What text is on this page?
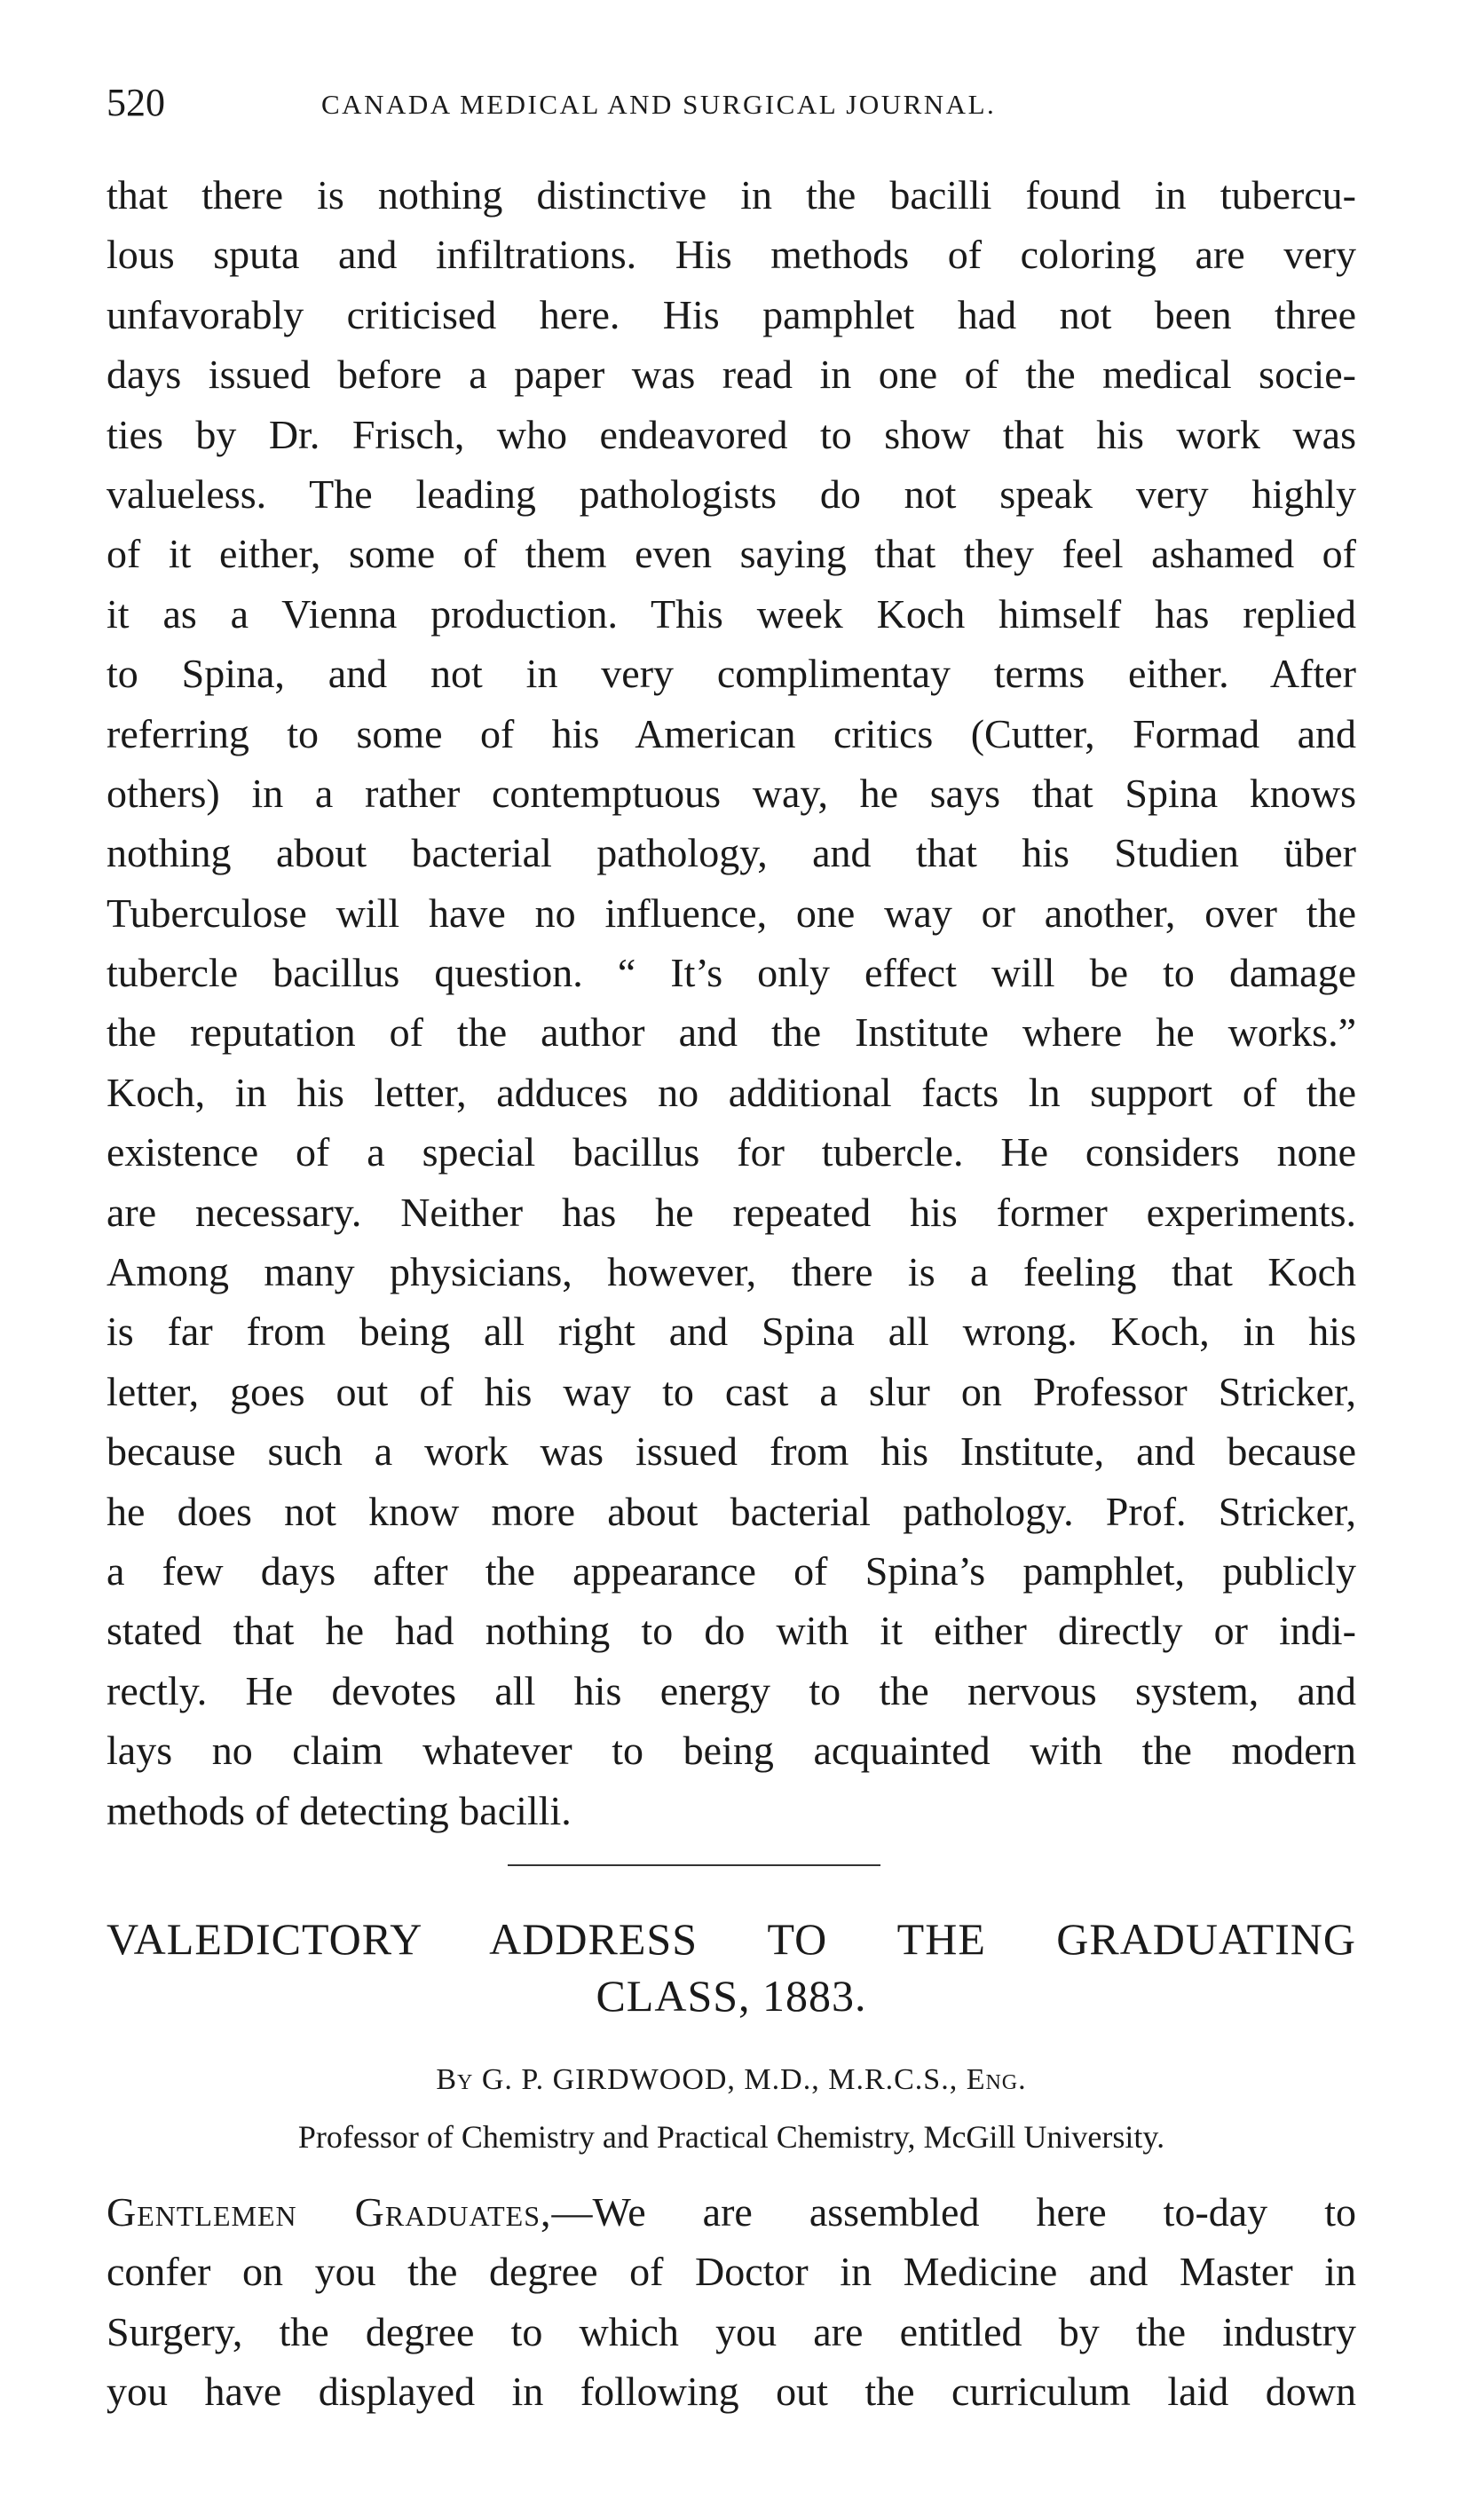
520	CANADA MEDICAL AND SURGICAL JOURNAL.
that there is nothing distinctive in the bacilli found in tubercu-
lous sputa and infiltrations. His methods of coloring are very
unfavorably criticised here. His pamphlet had not been three
days issued before a paper was read in one of the medical socie-
ties by Dr. Frisch, who endeavored to show that his work was
valueless. The leading pathologists do not speak very highly
of it either, some of them even saying that they feel ashamed of
it as a Vienna production. This week Koch himself has replied
to Spina, and not in very complimentay terms either. After
referring to some of his American critics (Cutter, Formad and
others) in a rather contemptuous way, he says that Spina knows
nothing about bacterial pathology, and that his Studien über
Tuberculose will have no influence, one way or another, over the
tubercle bacillus question. “ It’s only effect will be to damage
the reputation of the author and the Institute where he works.”
Koch, in his letter, adduces no additional facts ln support of the
existence of a special bacillus for tubercle. He considers none
are necessary. Neither has he repeated his former experiments.
Among many physicians, however, there is a feeling that Koch
is far from being all right and Spina all wrong. Koch, in his
letter, goes out of his way to cast a slur on Professor Stricker,
because such a work was issued from his Institute, and because
he does not know more about bacterial pathology. Prof. Stricker,
a few days after the appearance of Spina’s pamphlet, publicly
stated that he had nothing to do with it either directly or indi-
rectly. He devotes all his energy to the nervous system, and
lays no claim whatever to being acquainted with the modern
methods of detecting bacilli.
VALEDICTORY ADDRESS TO THE GRADUATING
CLASS, 1883.
By G. P. GIRDWOOD, M.D., M.R.C.S., Eng.
Professor of Chemistry and Practical Chemistry, McGill University.
Gentlemen Graduates,—We are assembled here to-day to
confer on you the degree of Doctor in Medicine and Master in
Surgery, the degree to which you are entitled by the industry
you have displayed in following out the curriculum laid down
